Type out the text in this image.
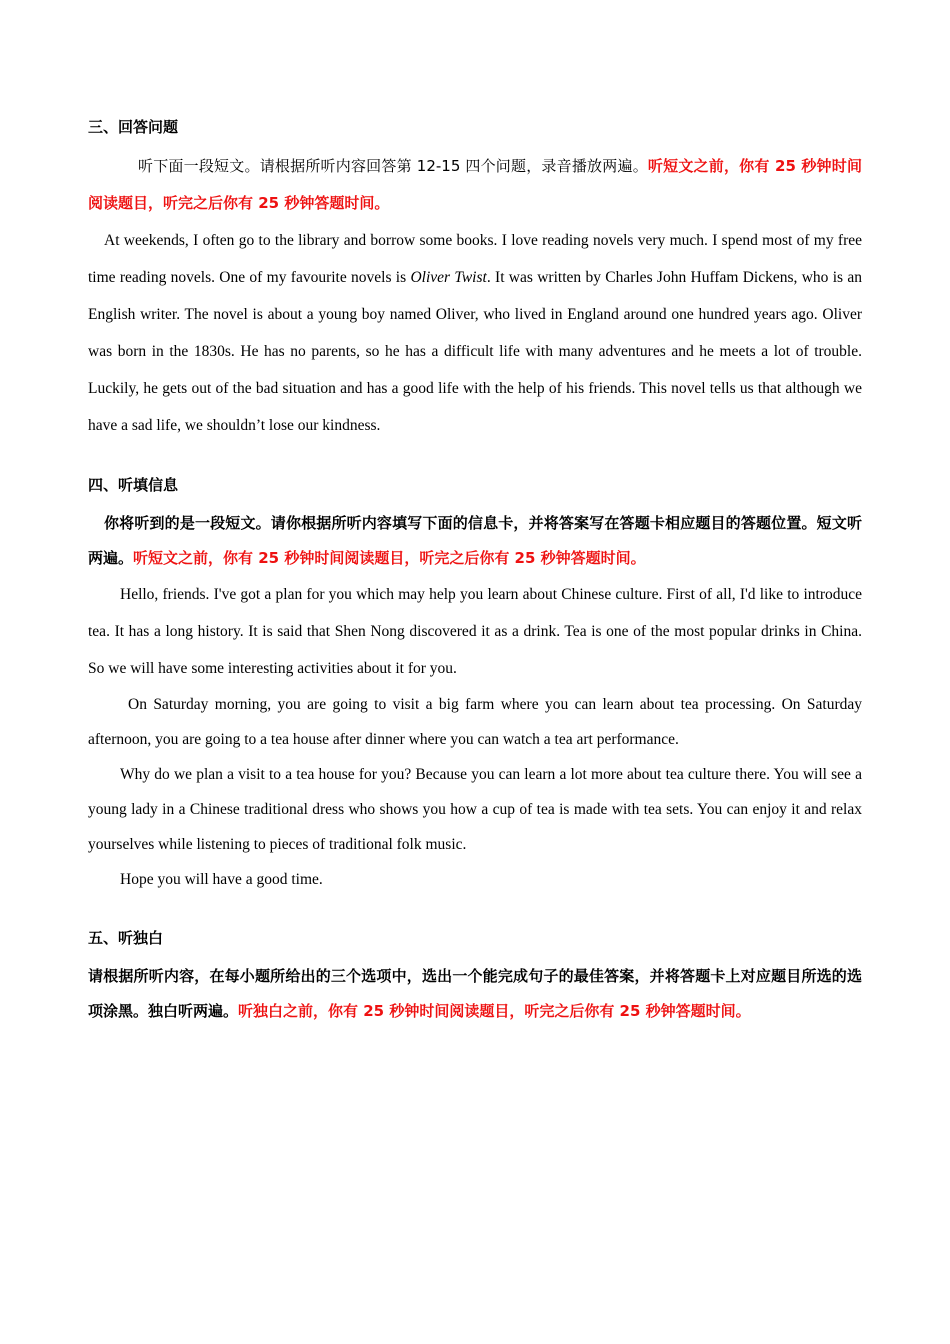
三、回答问题

听下面一段短文。请根据所听内容回答第 12-15 四个问题，录音播放两遍。听短文之前，你有 25 秒钟时间阅读题目，听完之后你有 25 秒钟答题时间。

At weekends, I often go to the library and borrow some books. I love reading novels very much. I spend most of my free time reading novels. One of my favourite novels is Oliver Twist. It was written by Charles John Huffam Dickens, who is an English writer. The novel is about a young boy named Oliver, who lived in England around one hundred years ago. Oliver was born in the 1830s. He has no parents, so he has a difficult life with many adventures and he meets a lot of trouble. Luckily, he gets out of the bad situation and has a good life with the help of his friends. This novel tells us that although we have a sad life, we shouldn’t lose our kindness.

四、听填信息

你将听到的是一段短文。请你根据所听内容填写下面的信息卡，并将答案写在答题卡相应题目的答题位置。短文听两遍。听短文之前，你有 25 秒钟时间阅读题目，听完之后你有 25 秒钟答题时间。

Hello, friends. I've got a plan for you which may help you learn about Chinese culture. First of all, I'd like to introduce tea. It has a long history. It is said that Shen Nong discovered it as a drink. Tea is one of the most popular drinks in China. So we will have some interesting activities about it for you.

On Saturday morning, you are going to visit a big farm where you can learn about tea processing. On Saturday afternoon, you are going to a tea house after dinner where you can watch a tea art performance.

Why do we plan a visit to a tea house for you? Because you can learn a lot more about tea culture there. You will see a young lady in a Chinese traditional dress who shows you how a cup of tea is made with tea sets. You can enjoy it and relax yourselves while listening to pieces of traditional folk music.

Hope you will have a good time.

五、听独白

请根据所听内容，在每小题所给出的三个选项中，选出一个能完成句子的最佳答案，并将答题卡上对应题目所选的选项涂黑。独白听两遍。听独白之前，你有 25 秒钟时间阅读题目，听完之后你有 25 秒钟答题时间。
